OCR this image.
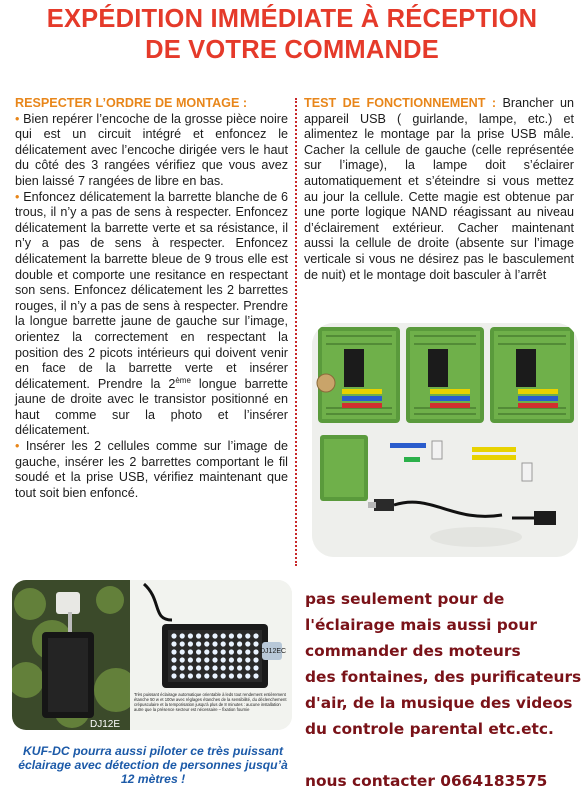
EXPÉDITION IMMÉDIATE À RÉCEPTION
DE VOTRE COMMANDE
RESPECTER L’ORDRE DE MONTAGE :
• Bien repérer l’encoche de la grosse pièce noire qui est un circuit intégré et enfoncez le délicatement avec l’encoche dirigée vers le haut du côté des 3 rangées vérifiez que vous avez bien laissé 7 rangées de libre en bas.
• Enfoncez délicatement la barrette blanche de 6 trous, il n’y a pas de sens à respecter. Enfoncez délicatement la barrette verte et sa résistance, il n’y a pas de sens à respecter. Enfoncez délicatement la barrette bleue de 9 trous elle est double et comporte une resitance en respectant son sens. Enfoncez délicatement les 2 barrettes rouges, il n’y a pas de sens à respecter. Prendre la longue barrette jaune de gauche sur l’image, orientez la correctement en respectant la position des 2 picots intérieurs qui doivent venir en face de la barrette verte et insérer délicatement. Prendre la 2ème longue barrette jaune de droite avec le transistor positionné en haut comme sur la photo et l’insérer délicatement.
• Insérer les 2 cellules comme sur l’image de gauche, insérer les 2 barrettes comportant le fil soudé et la prise USB, vérifiez maintenant que tout soit bien enfoncé.
TEST DE FONCTIONNEMENT : Brancher un appareil USB ( guirlande, lampe, etc.) et alimentez le montage par la prise USB mâle. Cacher la cellule de gauche (celle représentée sur l’image), la lampe doit s’éclairer automatiquement et s’éteindre si vous mettez au jour la cellule. Cette magie est obtenue par une porte logique NAND réagissant au niveau d’éclairement extérieur. Cacher maintenant aussi la cellule de droite (absente sur l’image verticale si vous ne désirez pas le basculement de nuit) et le montage doit basculer à l’arrêt
DJ12E
DJ12EC
Très puissant éclairage automatique orientable à leds tout rendement entièrement étanche 50 w et 100w avec réglages étanches de la sensibilité, du déclenchement crépusculaire et la temporisation jusqu'à plus de 8 minutes : aucune installation autre que la présence secteur est nécessaire – fixation fournie
KUF-DC pourra aussi piloter ce très puissant éclairage avec détection de personnes jusqu’à 12 mètres !
pas seulement pour de
l'éclairage mais aussi pour
commander des moteurs
des fontaines, des purificateurs
d'air, de la musique des videos
du controle parental etc.etc.
nous contacter 0664183575
